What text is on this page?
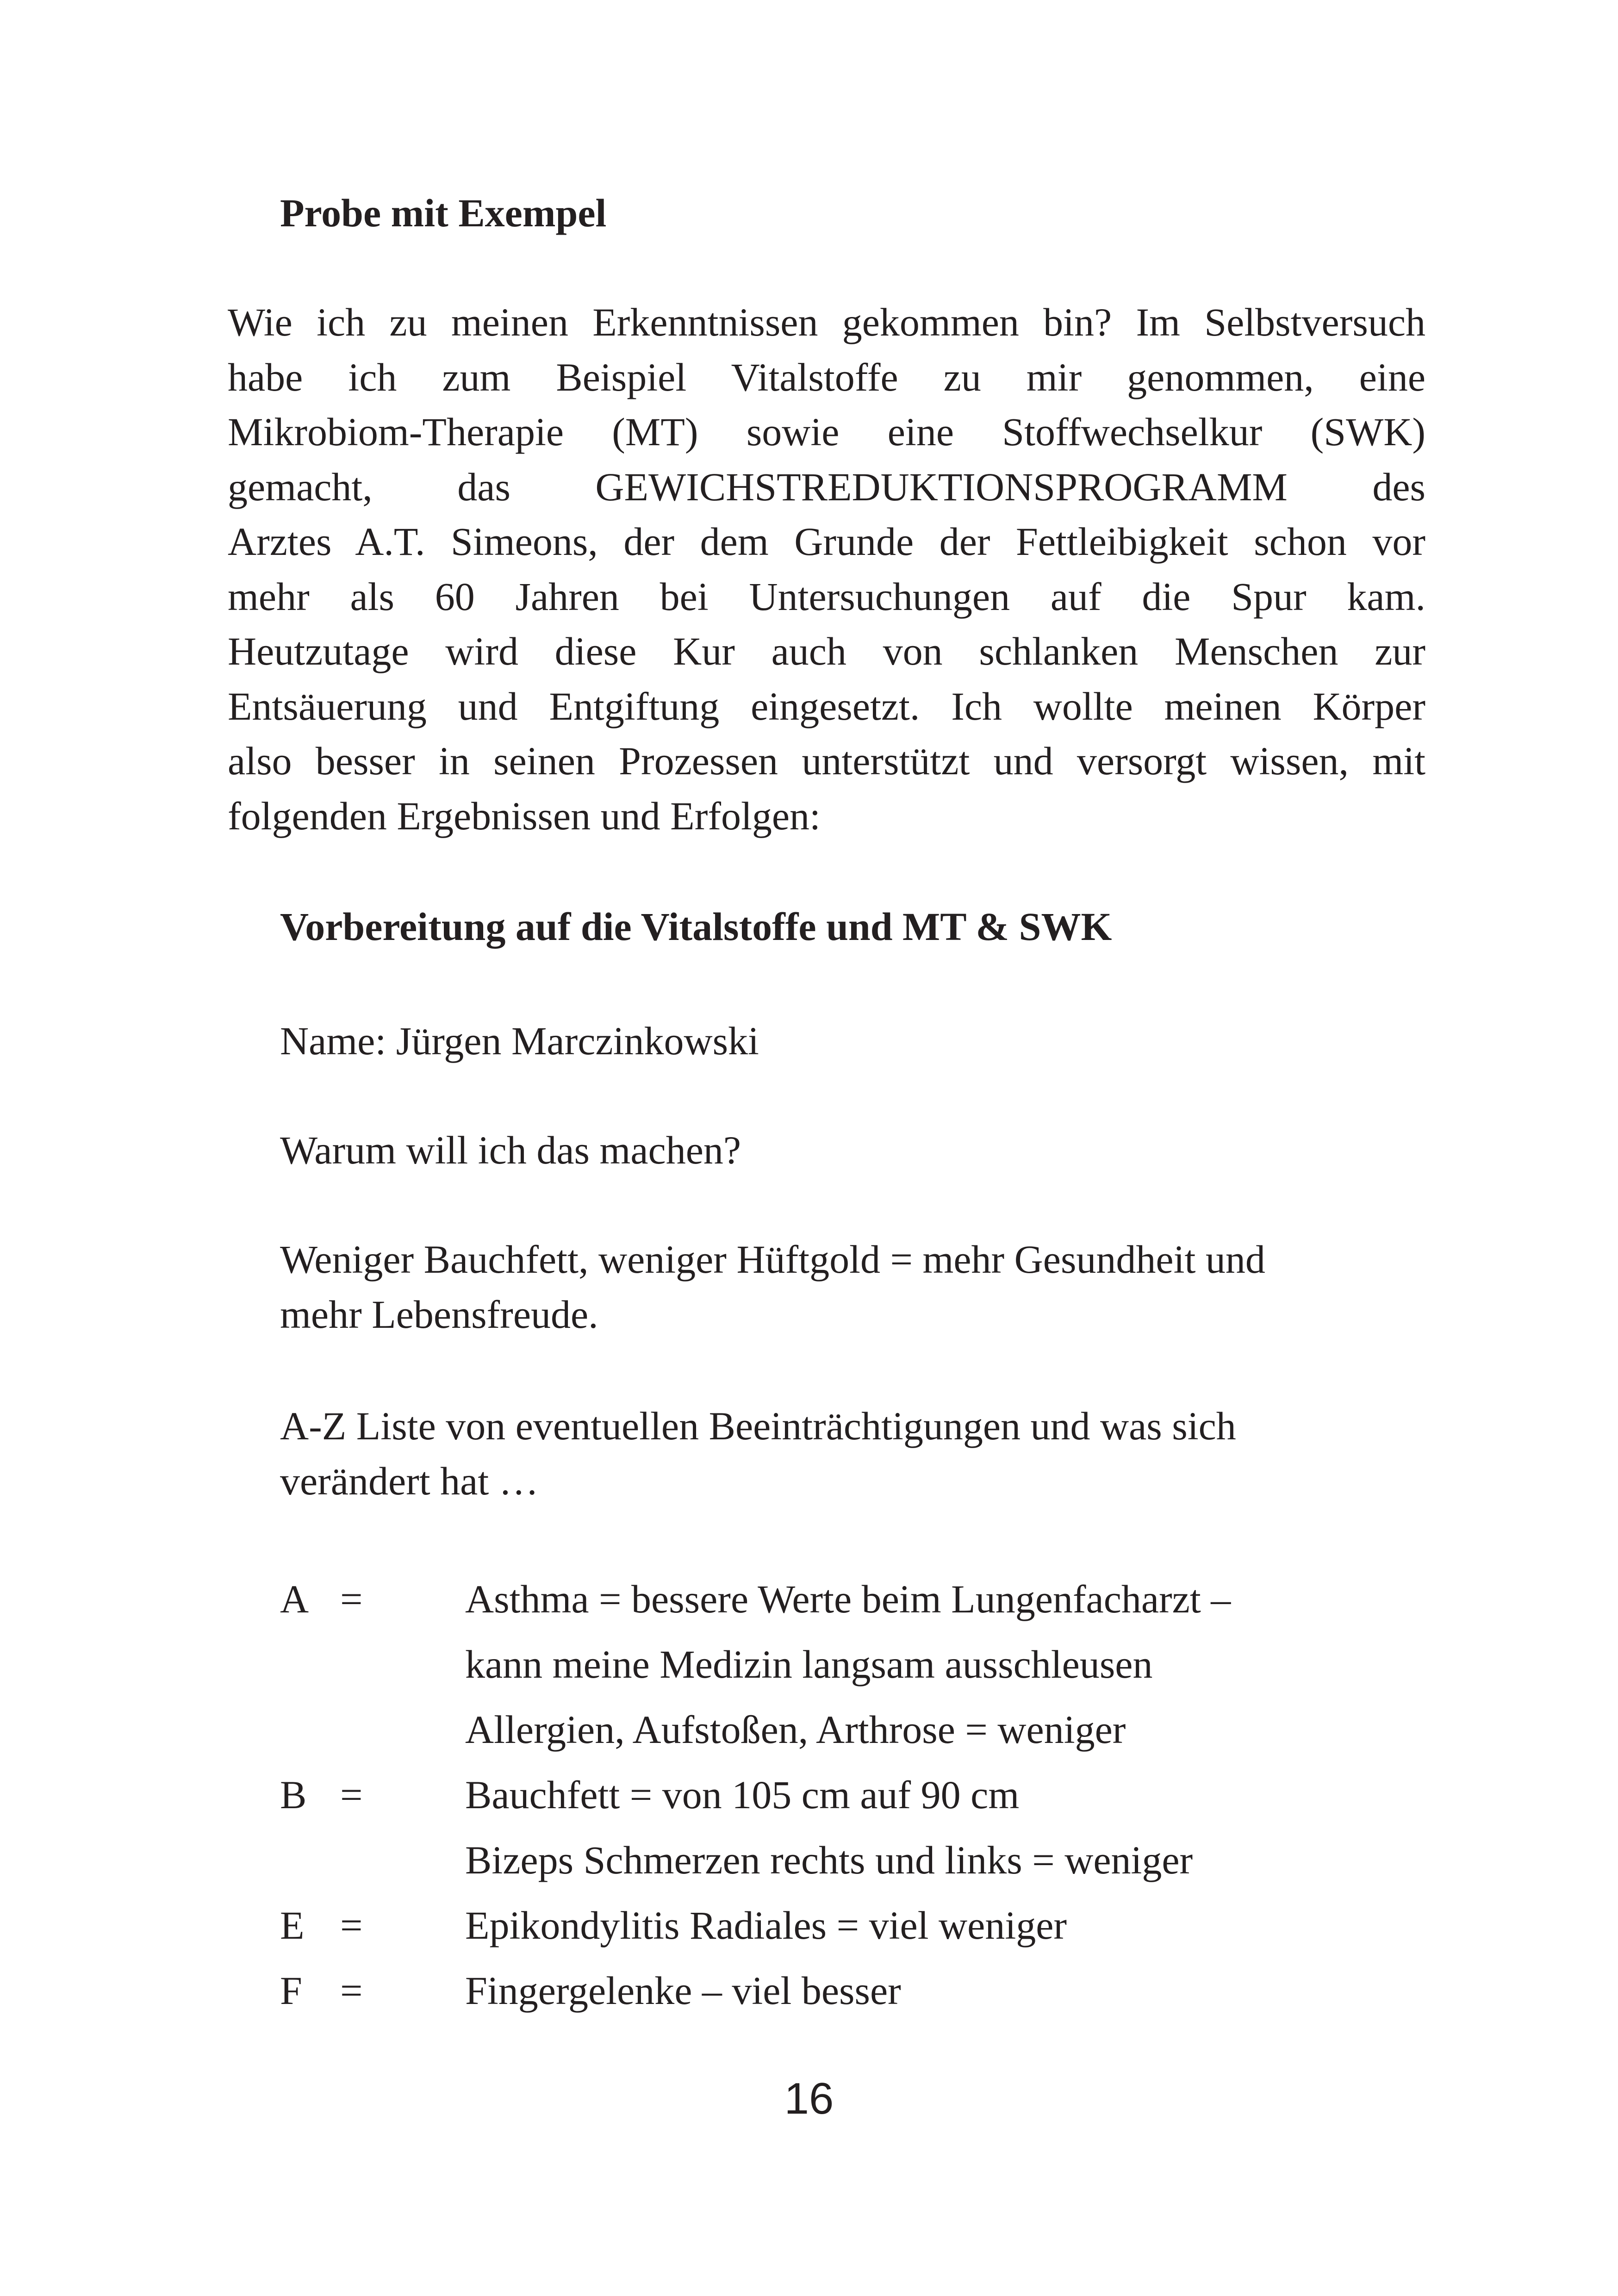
Probe mit Exempel
Wie ich zu meinen Erkenntnissen gekommen bin? Im Selbstversuch
habe ich zum Beispiel Vitalstoffe zu mir genommen, eine
Mikrobiom-Therapie (MT) sowie eine Stoffwechselkur (SWK)
gemacht, das GEWICHSTREDUKTIONSPROGRAMM des
Arztes A.T. Simeons, der dem Grunde der Fettleibigkeit schon vor
mehr als 60 Jahren bei Untersuchungen auf die Spur kam.
Heutzutage wird diese Kur auch von schlanken Menschen zur
Entsäuerung und Entgiftung eingesetzt. Ich wollte meinen Körper
also besser in seinen Prozessen unterstützt und versorgt wissen, mit
folgenden Ergebnissen und Erfolgen:
Vorbereitung auf die Vitalstoffe und MT & SWK
Name: Jürgen Marczinkowski
Warum will ich das machen?
Weniger Bauchfett, weniger Hüftgold = mehr Gesundheit und
mehr Lebensfreude.
A-Z Liste von eventuellen Beeinträchtigungen und was sich
verändert hat …
A =	Asthma = bessere Werte beim Lungenfacharzt –
kann meine Medizin langsam ausschleusen
Allergien, Aufstoßen, Arthrose = weniger
B =	Bauchfett = von 105 cm auf 90 cm
Bizeps Schmerzen rechts und links = weniger
E =	Epikondylitis Radiales = viel weniger
F =	Fingergelenke – viel besser
16
